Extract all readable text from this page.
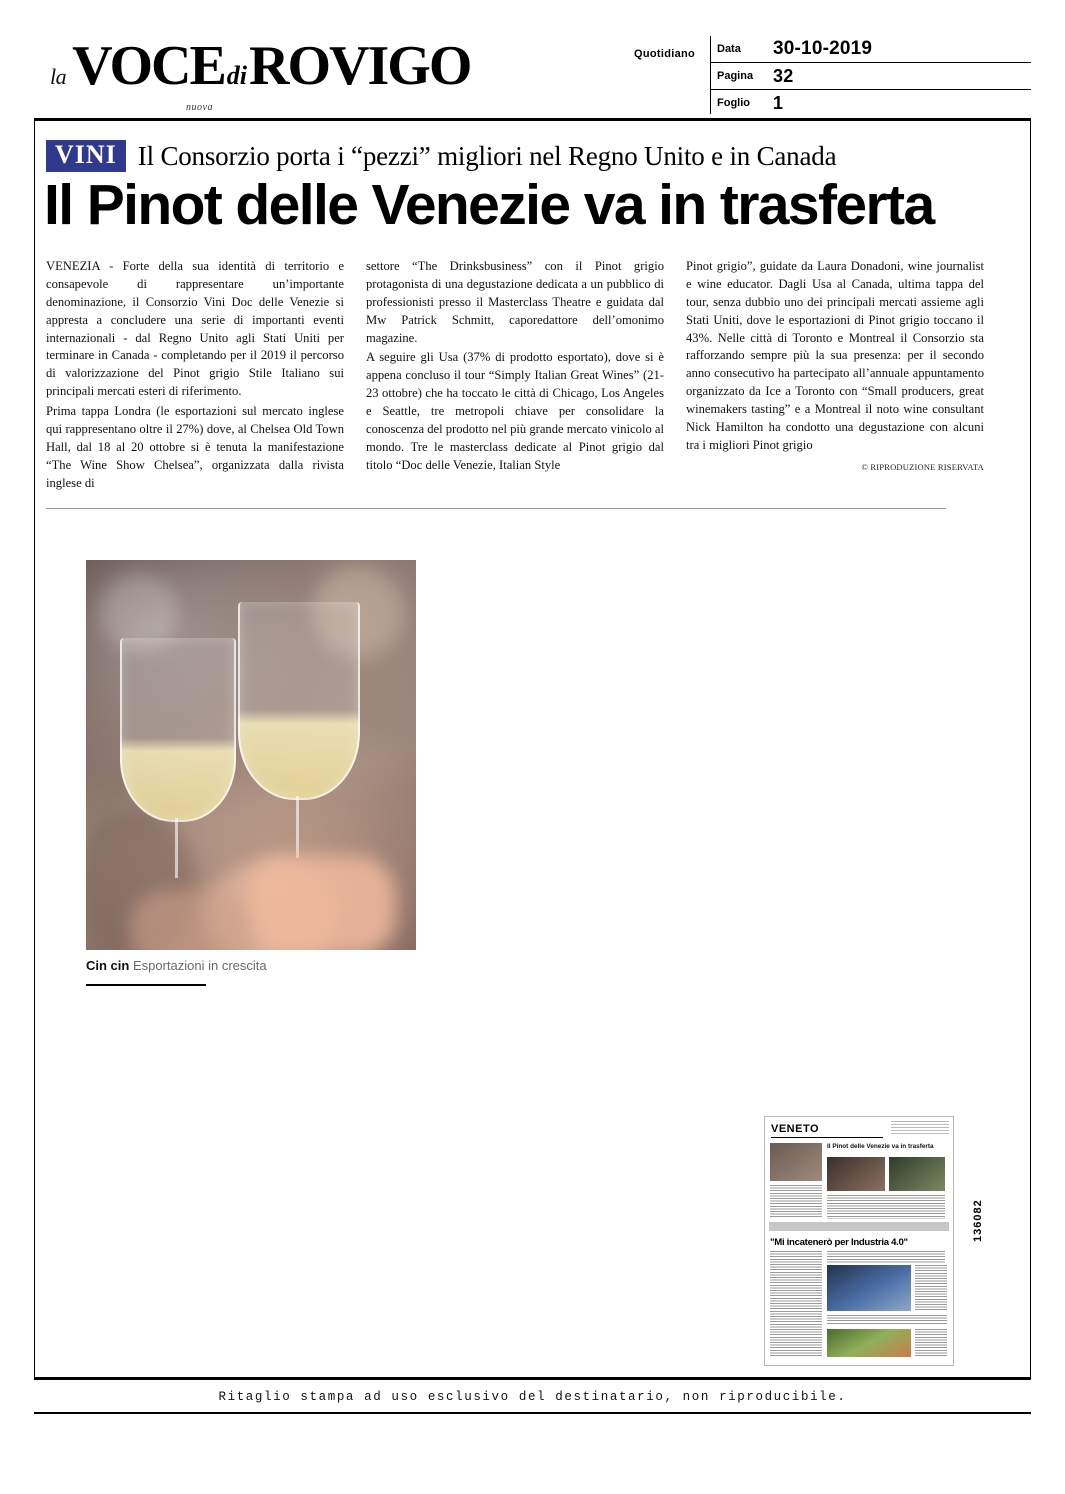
la VOCE di ROVIGO
nuova
Quotidiano	Data	30-10-2019
Pagina	32
Foglio	1
VINI Il Consorzio porta i “pezzi” migliori nel Regno Unito e in Canada
Il Pinot delle Venezie va in trasferta

VENEZIA - Forte della sua identità di territorio e consapevole di rappresentare un’importante denominazione, il Consorzio Vini Doc delle Venezie si appresta a concludere una serie di importanti eventi internazionali - dal Regno Unito agli Stati Uniti per terminare in Canada - completando per il 2019 il percorso di valorizzazione del Pinot grigio Stile Italiano sui principali mercati esteri di riferimento.

Prima tappa Londra (le esportazioni sul mercato inglese qui rappresentano oltre il 27%) dove, al Chelsea Old Town Hall, dal 18 al 20 ottobre si è tenuta la manifestazione “The Wine Show Chelsea”, organizzata dalla rivista inglese di

settore “The Drinksbusiness” con il Pinot grigio protagonista di una degustazione dedicata a un pubblico di professionisti presso il Masterclass Theatre e guidata dal Mw Patrick Schmitt, caporedattore dell’omonimo magazine.

A seguire gli Usa (37% di prodotto esportato), dove si è appena concluso il tour “Simply Italian Great Wines” (21-23 ottobre) che ha toccato le città di Chicago, Los Angeles e Seattle, tre metropoli chiave per consolidare la conoscenza del prodotto nel più grande mercato vinicolo al mondo. Tre le masterclass dedicate al Pinot grigio dal titolo “Doc delle Venezie, Italian Style

Pinot grigio”, guidate da Laura Donadoni, wine journalist e wine educator. Dagli Usa al Canada, ultima tappa del tour, senza dubbio uno dei principali mercati assieme agli Stati Uniti, dove le esportazioni di Pinot grigio toccano il 43%. Nelle città di Toronto e Montreal il Consorzio sta rafforzando sempre più la sua presenza: per il secondo anno consecutivo ha partecipato all’annuale appuntamento organizzato da Ice a Toronto con “Small producers, great winemakers tasting” e a Montreal il noto wine consultant Nick Hamilton ha condotto una degustazione con alcuni tra i migliori Pinot grigio

© RIPRODUZIONE RISERVATA
Cin cin Esportazioni in crescita
VENETO
Il Pinot delle Venezie va in trasferta
"Mi incatenerò per Industria 4.0"
136082
Ritaglio stampa ad uso esclusivo del destinatario, non riproducibile.
